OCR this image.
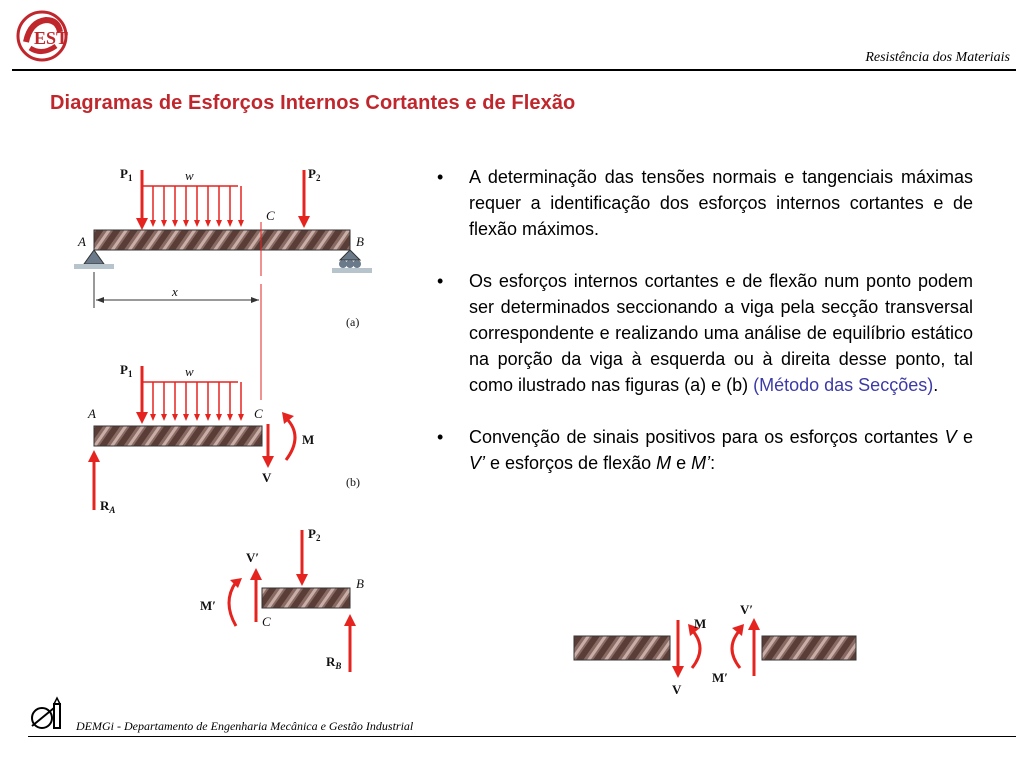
EST
Resistência dos Materiais
Diagramas de Esforços Internos Cortantes e de Flexão
$P_1$	w	$P_2$
C
A	B
x
(a)
$P_1$	w
A	C
V
M
$R_A$
(b)
$P_2$
V′
M′
B
C
$R_B$
• A determinação das tensões normais e tangenciais máximas requer a identificação dos esforços internos cortantes e de flexão máximos.
• Os esforços internos cortantes e de flexão num ponto podem ser determinados seccionando a viga pela secção transversal correspondente e realizando uma análise de equilíbrio estático na porção da viga à esquerda ou à direita desse ponto, tal como ilustrado nas figuras (a) e (b) (Método das Secções).
• Convenção de sinais positivos para os esforços cortantes V e V’ e esforços de flexão M e M’:
V
M
V′
M′
DEMGi - Departamento de Engenharia Mecânica e Gestão Industrial
